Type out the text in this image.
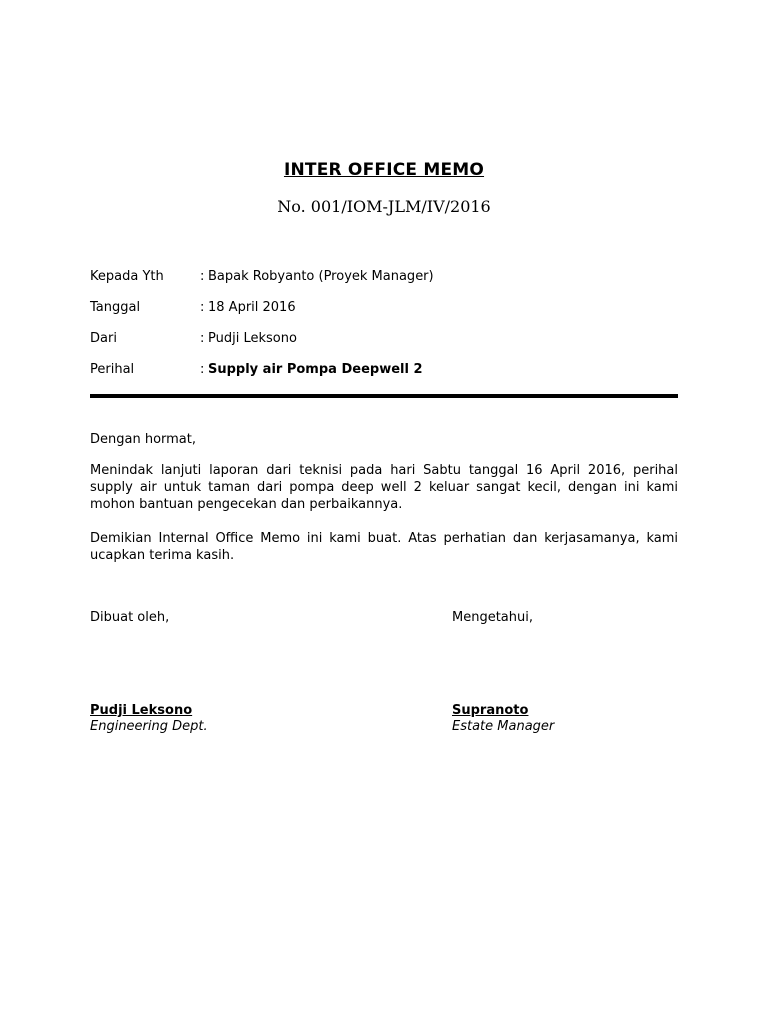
INTER OFFICE MEMO
No. 001/IOM-JLM/IV/2016
Kepada Yth	: Bapak Robyanto (Proyek Manager)
Tanggal	: 18 April 2016
Dari	: Pudji Leksono
Perihal	: Supply air Pompa Deepwell 2
Dengan hormat,
Menindak lanjuti laporan dari teknisi pada hari Sabtu tanggal 16 April 2016, perihal supply air untuk taman dari pompa deep well 2 keluar sangat kecil, dengan ini kami mohon bantuan pengecekan dan perbaikannya.
Demikian Internal Office Memo ini kami buat. Atas perhatian dan kerjasamanya, kami ucapkan terima kasih.
Dibuat oleh,	Mengetahui,
Pudji Leksono	Supranoto
Engineering Dept.	Estate Manager
